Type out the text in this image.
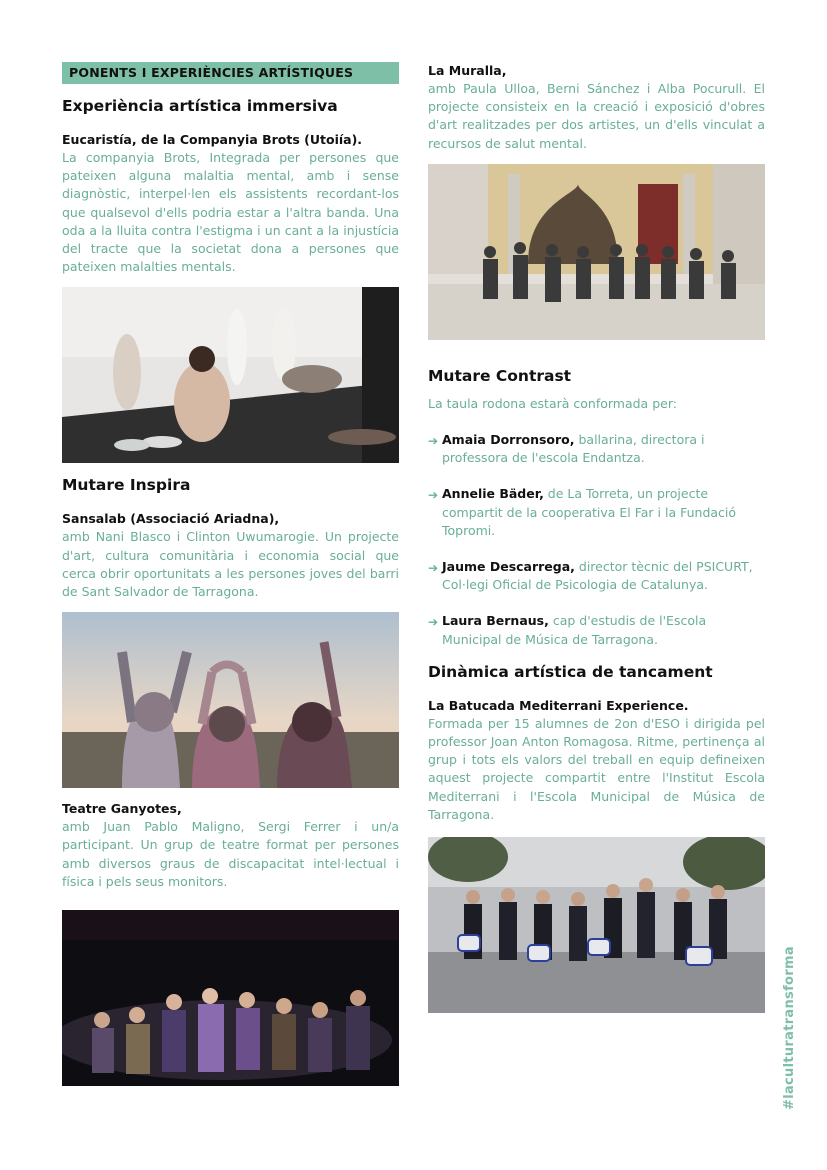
PONENTS I EXPERIÈNCIES ARTÍSTIQUES
Experiència artística immersiva

Eucaristía, de la Companyia Brots (Utoiía).

La companyia Brots, Integrada per persones que pateixen alguna malaltia mental, amb i sense diagnòstic, interpel·len els assistents recordant-los que qualsevol d'ells podria estar a l'altra banda. Una oda a la lluita contra l'estigma i un cant a la injustícia del tracte que la societat dona a persones que pateixen malalties mentals.

Mutare Inspira

Sansalab (Associació Ariadna),

amb Nani Blasco i Clinton Uwumarogie. Un projecte d'art, cultura comunitària i economia social que cerca obrir oportunitats a les persones joves del barri de Sant Salvador de Tarragona.

Teatre Ganyotes,

amb Juan Pablo Maligno, Sergi Ferrer i un/a participant. Un grup de teatre format per persones amb diversos graus de discapacitat intel·lectual i física i pels seus monitors.

La Muralla,

amb Paula Ulloa, Berni Sánchez i Alba Pocurull. El projecte consisteix en la creació i exposició d'obres d'art realitzades per dos artistes, un d'ells vinculat a recursos de salut mental.

Mutare Contrast

La taula rodona estarà conformada per:

➔ Amaia Dorronsoro, ballarina, directora i professora de l'escola Endantza.
➔ Annelie Bäder, de La Torreta, un projecte compartit de la cooperativa El Far i la Fundació Topromi.
➔ Jaume Descarrega, director tècnic del PSICURT, Col·legi Oficial de Psicologia de Catalunya.
➔ Laura Bernaus, cap d'estudis de l'Escola Municipal de Música de Tarragona.
Dinàmica artística de tancament

La Batucada Mediterrani Experience.

Formada per 15 alumnes de 2on d'ESO i dirigida pel professor Joan Anton Romagosa. Ritme, pertinença al grup i tots els valors del treball en equip defineixen aquest projecte compartit entre l'Institut Escola Mediterrani i l'Escola Municipal de Música de Tarragona.

#laculturatransforma
